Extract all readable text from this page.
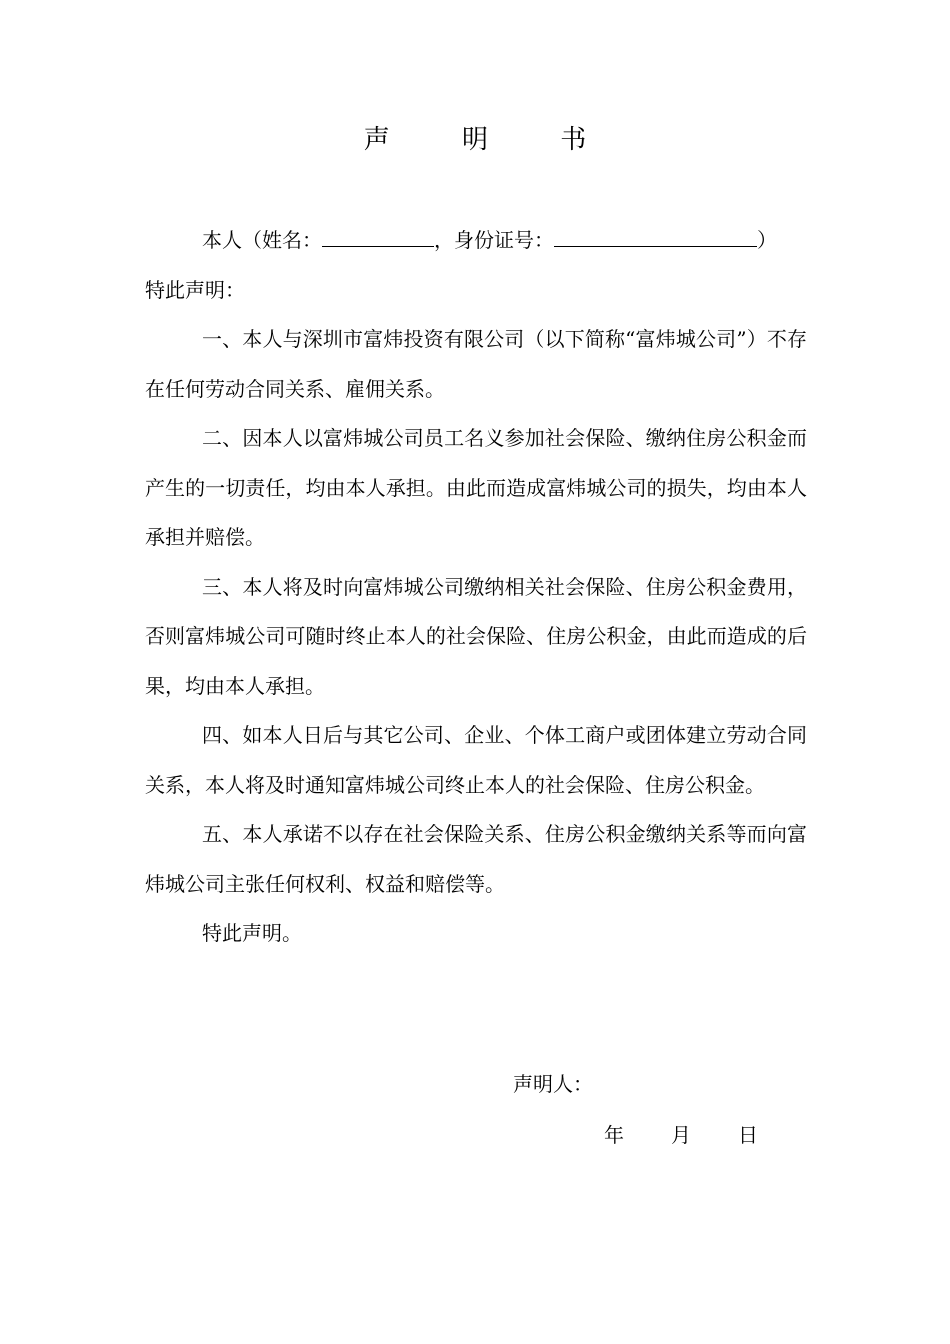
声 明 书

本人（姓名：	，身份证号：	）

特此声明：

一、本人与深圳市富炜投资有限公司（以下简称“富炜城公司”）不存在任何劳动合同关系、雇佣关系。

二、因本人以富炜城公司员工名义参加社会保险、缴纳住房公积金而产生的一切责任，均由本人承担。由此而造成富炜城公司的损失，均由本人承担并赔偿。

三、本人将及时向富炜城公司缴纳相关社会保险、住房公积金费用，否则富炜城公司可随时终止本人的社会保险、住房公积金，由此而造成的后果，均由本人承担。

四、如本人日后与其它公司、企业、个体工商户或团体建立劳动合同关系，本人将及时通知富炜城公司终止本人的社会保险、住房公积金。

五、本人承诺不以存在社会保险关系、住房公积金缴纳关系等而向富炜城公司主张任何权利、权益和赔偿等。

特此声明。

声明人：
年 月 日
